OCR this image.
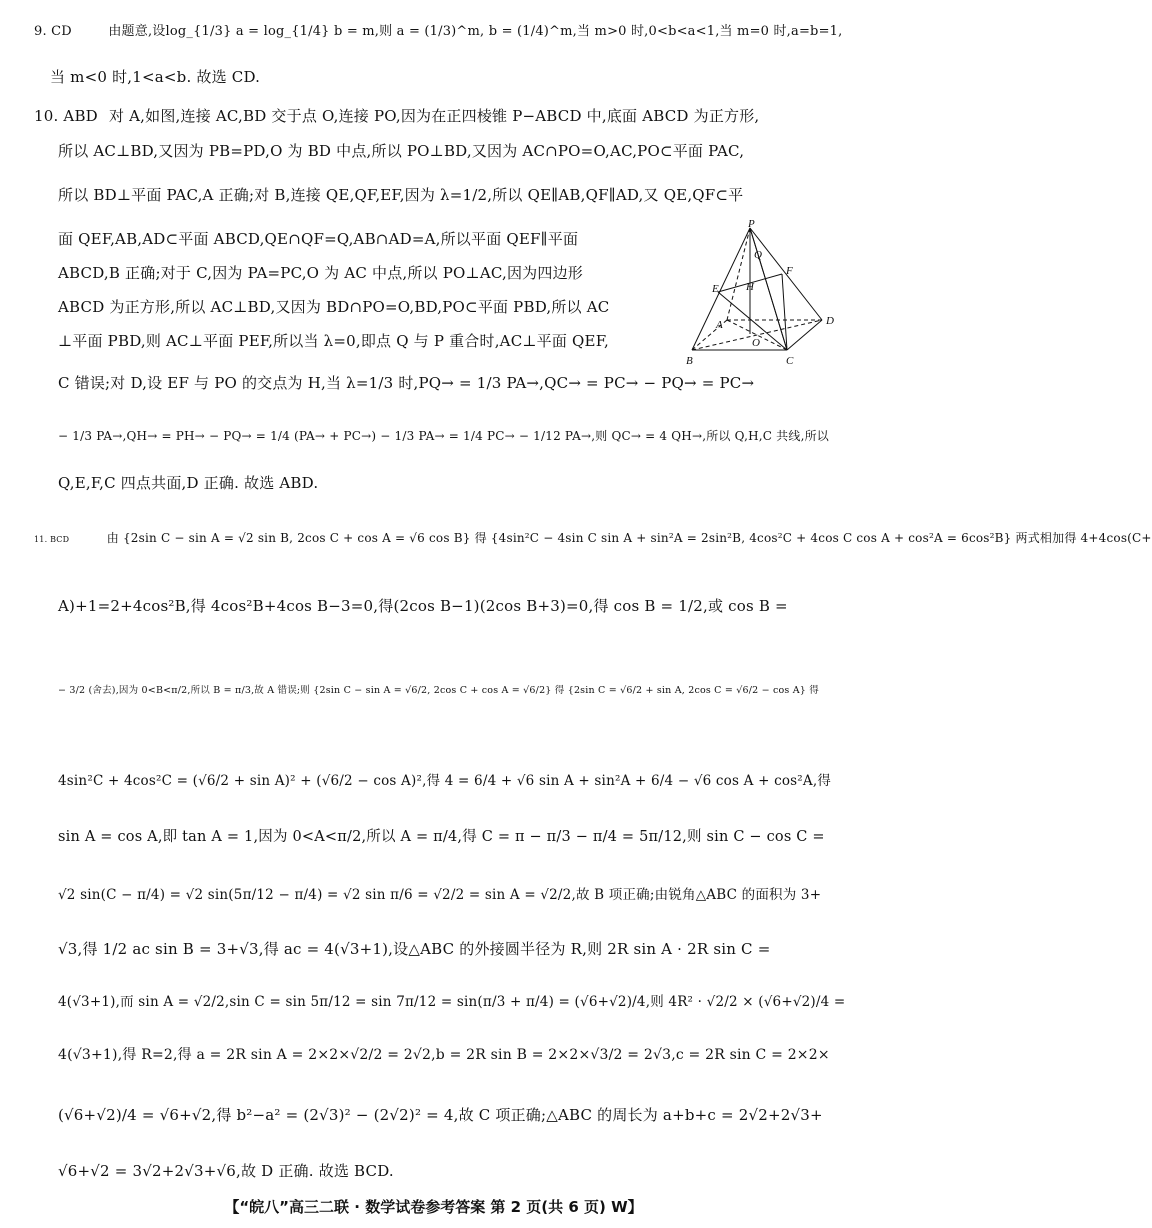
9. CD	由题意,设log_{1/3} a = log_{1/4} b = m,则 a = (1/3)^m, b = (1/4)^m,当 m>0 时,0<b<a<1,当 m=0 时,a=b=1,
当 m<0 时,1<a<b. 故选 CD.
10. ABD 对 A,如图,连接 AC,BD 交于点 O,连接 PO,因为在正四棱锥 P−ABCD 中,底面 ABCD 为正方形,
所以 AC⊥BD,又因为 PB=PD,O 为 BD 中点,所以 PO⊥BD,又因为 AC∩PO=O,AC,PO⊂平面 PAC,
所以 BD⊥平面 PAC,A 正确;对 B,连接 QE,QF,EF,因为 λ=1/2,所以 QE∥AB,QF∥AD,又 QE,QF⊂平
面 QEF,AB,AD⊂平面 ABCD,QE∩QF=Q,AB∩AD=A,所以平面 QEF∥平面
ABCD,B 正确;对于 C,因为 PA=PC,O 为 AC 中点,所以 PO⊥AC,因为四边形
ABCD 为正方形,所以 AC⊥BD,又因为 BD∩PO=O,BD,PO⊂平面 PBD,所以 AC
⊥平面 PBD,则 AC⊥平面 PEF,所以当 λ=0,即点 Q 与 P 重合时,AC⊥平面 QEF,
C 错误;对 D,设 EF 与 PO 的交点为 H,当 λ=1/3 时,PQ→ = 1/3 PA→,QC→ = PC→ − PQ→ = PC→
− 1/3 PA→,QH→ = PH→ − PQ→ = 1/4 (PA→ + PC→) − 1/3 PA→ = 1/4 PC→ − 1/12 PA→,则 QC→ = 4 QH→,所以 Q,H,C 共线,所以
Q,E,F,C 四点共面,D 正确. 故选 ABD.
P
Q
H
E
F
A	D
O
B	C
11. BCD	由 {2sin C − sin A = √2 sin B, 2cos C + cos A = √6 cos B} 得 {4sin²C − 4sin C sin A + sin²A = 2sin²B, 4cos²C + 4cos C cos A + cos²A = 6cos²B} 两式相加得 4+4cos(C+
A)+1=2+4cos²B,得 4cos²B+4cos B−3=0,得(2cos B−1)(2cos B+3)=0,得 cos B = 1/2,或 cos B =
− 3/2 (舍去),因为 0<B<π/2,所以 B = π/3,故 A 错误;则 {2sin C − sin A = √6/2, 2cos C + cos A = √6/2} 得 {2sin C = √6/2 + sin A, 2cos C = √6/2 − cos A} 得
4sin²C + 4cos²C = (√6/2 + sin A)² + (√6/2 − cos A)²,得 4 = 6/4 + √6 sin A + sin²A + 6/4 − √6 cos A + cos²A,得
sin A = cos A,即 tan A = 1,因为 0<A<π/2,所以 A = π/4,得 C = π − π/3 − π/4 = 5π/12,则 sin C − cos C =
√2 sin(C − π/4) = √2 sin(5π/12 − π/4) = √2 sin π/6 = √2/2 = sin A = √2/2,故 B 项正确;由锐角△ABC 的面积为 3+
√3,得 1/2 ac sin B = 3+√3,得 ac = 4(√3+1),设△ABC 的外接圆半径为 R,则 2R sin A · 2R sin C =
4(√3+1),而 sin A = √2/2,sin C = sin 5π/12 = sin 7π/12 = sin(π/3 + π/4) = (√6+√2)/4,则 4R² · √2/2 × (√6+√2)/4 =
4(√3+1),得 R=2,得 a = 2R sin A = 2×2×√2/2 = 2√2,b = 2R sin B = 2×2×√3/2 = 2√3,c = 2R sin C = 2×2×
(√6+√2)/4 = √6+√2,得 b²−a² = (2√3)² − (2√2)² = 4,故 C 项正确;△ABC 的周长为 a+b+c = 2√2+2√3+
√6+√2 = 3√2+2√3+√6,故 D 正确. 故选 BCD.
【“皖八”高三二联 · 数学试卷参考答案 第 2 页(共 6 页) W】
